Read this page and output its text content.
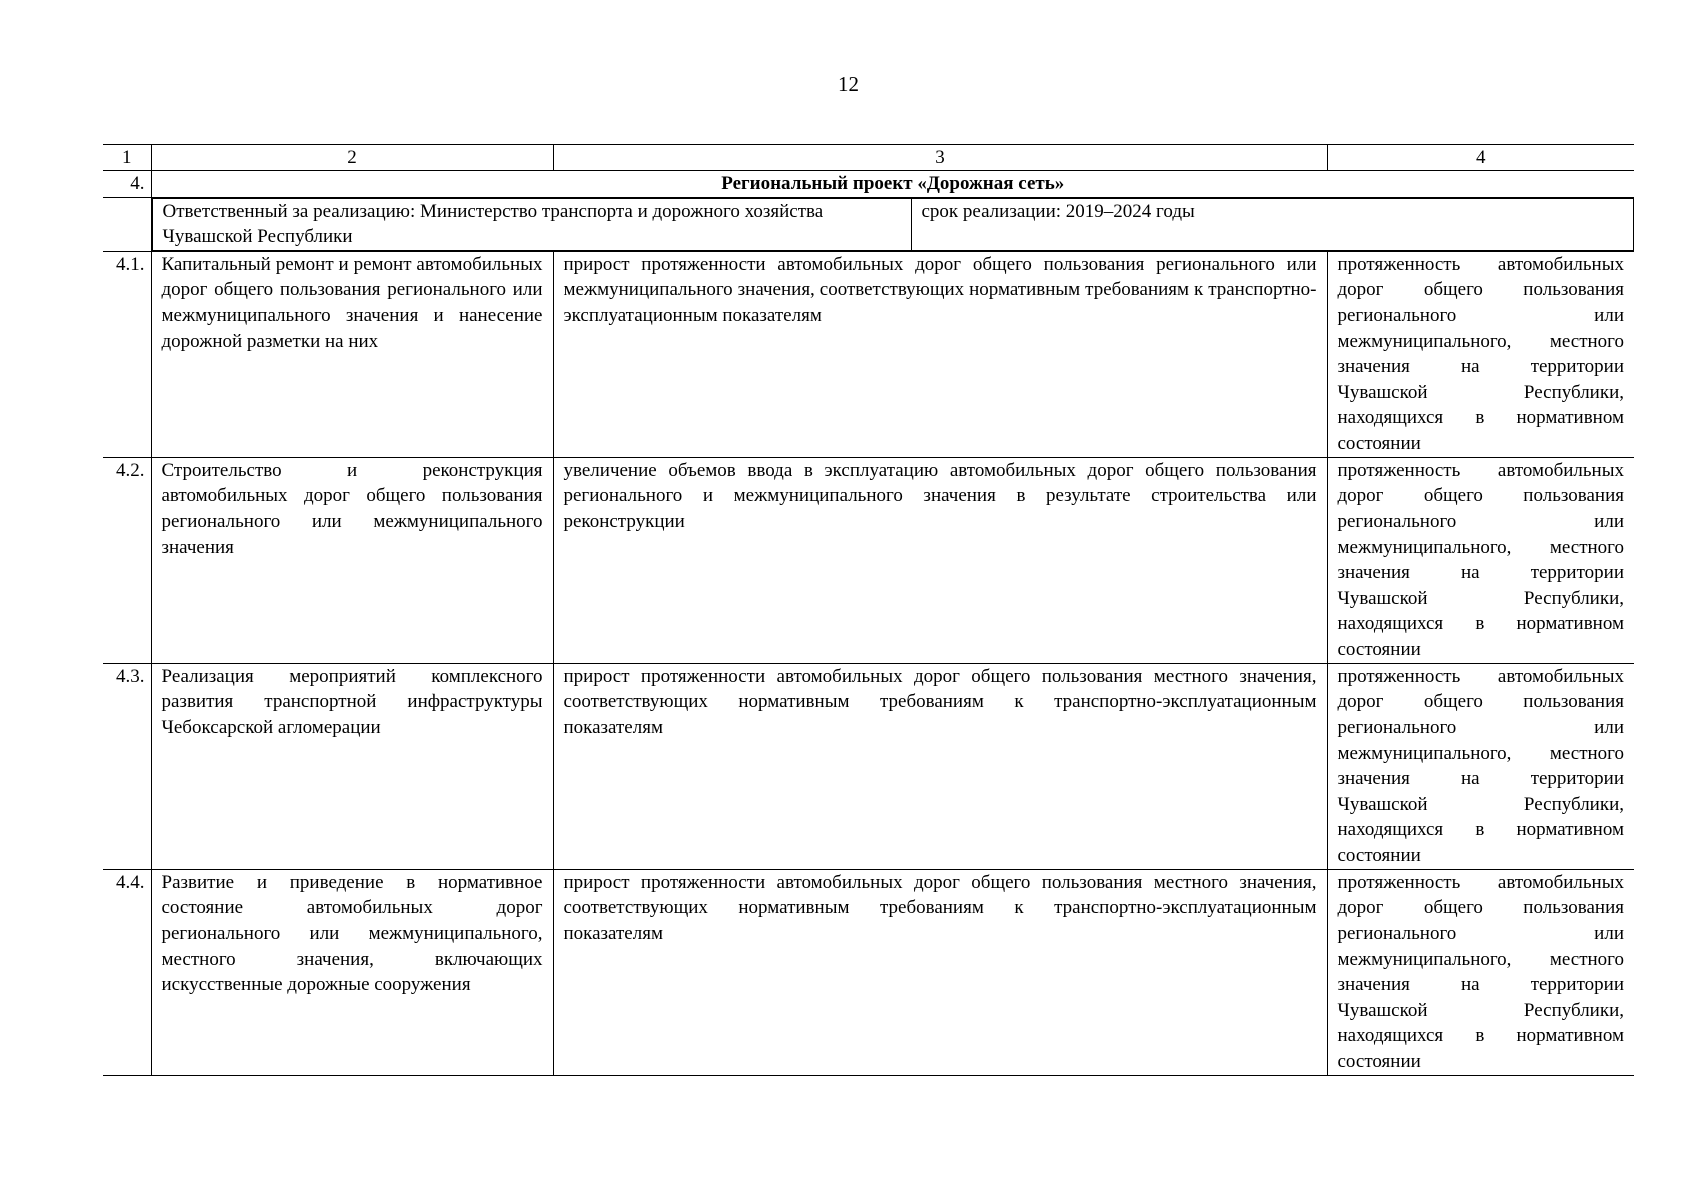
12
1	2	3	4
4.	Региональный проект «Дорожная сеть»

Ответственный за реализацию: Министерство транспорта и дорожного хозяйства Чувашской Республики	срок реализации: 2019–2024 годы

4.1.	Капитальный ремонт и ремонт автомобильных дорог общего пользования регионального или межмуниципального значения и нанесение дорожной разметки на них	прирост протяженности автомобильных дорог общего пользования регионального или межмуниципального значения, соответствующих нормативным требованиям к транспортно-эксплуатационным показателям	протяженность автомобильных дорог общего пользования регионального или межмуниципального, местного значения на территории Чувашской Республики, находящихся в нормативном состоянии
4.2.	Строительство и реконструкция автомобильных дорог общего пользования регионального или межмуниципального значения	увеличение объемов ввода в эксплуатацию автомобильных дорог общего пользования регионального и межмуниципального значения в результате строительства или реконструкции	протяженность автомобильных дорог общего пользования регионального или межмуниципального, местного значения на территории Чувашской Республики, находящихся в нормативном состоянии
4.3.	Реализация мероприятий комплексного развития транспортной инфраструктуры Чебоксарской агломерации	прирост протяженности автомобильных дорог общего пользования местного значения, соответствующих нормативным требованиям к транспортно-эксплуатационным показателям	протяженность автомобильных дорог общего пользования регионального или межмуниципального, местного значения на территории Чувашской Республики, находящихся в нормативном состоянии
4.4.	Развитие и приведение в нормативное состояние автомобильных дорог регионального или межмуниципального, местного значения, включающих искусственные дорожные сооружения	прирост протяженности автомобильных дорог общего пользования местного значения, соответствующих нормативным требованиям к транспортно-эксплуатационным показателям	протяженность автомобильных дорог общего пользования регионального или межмуниципального, местного значения на территории Чувашской Республики, находящихся в нормативном состоянии
